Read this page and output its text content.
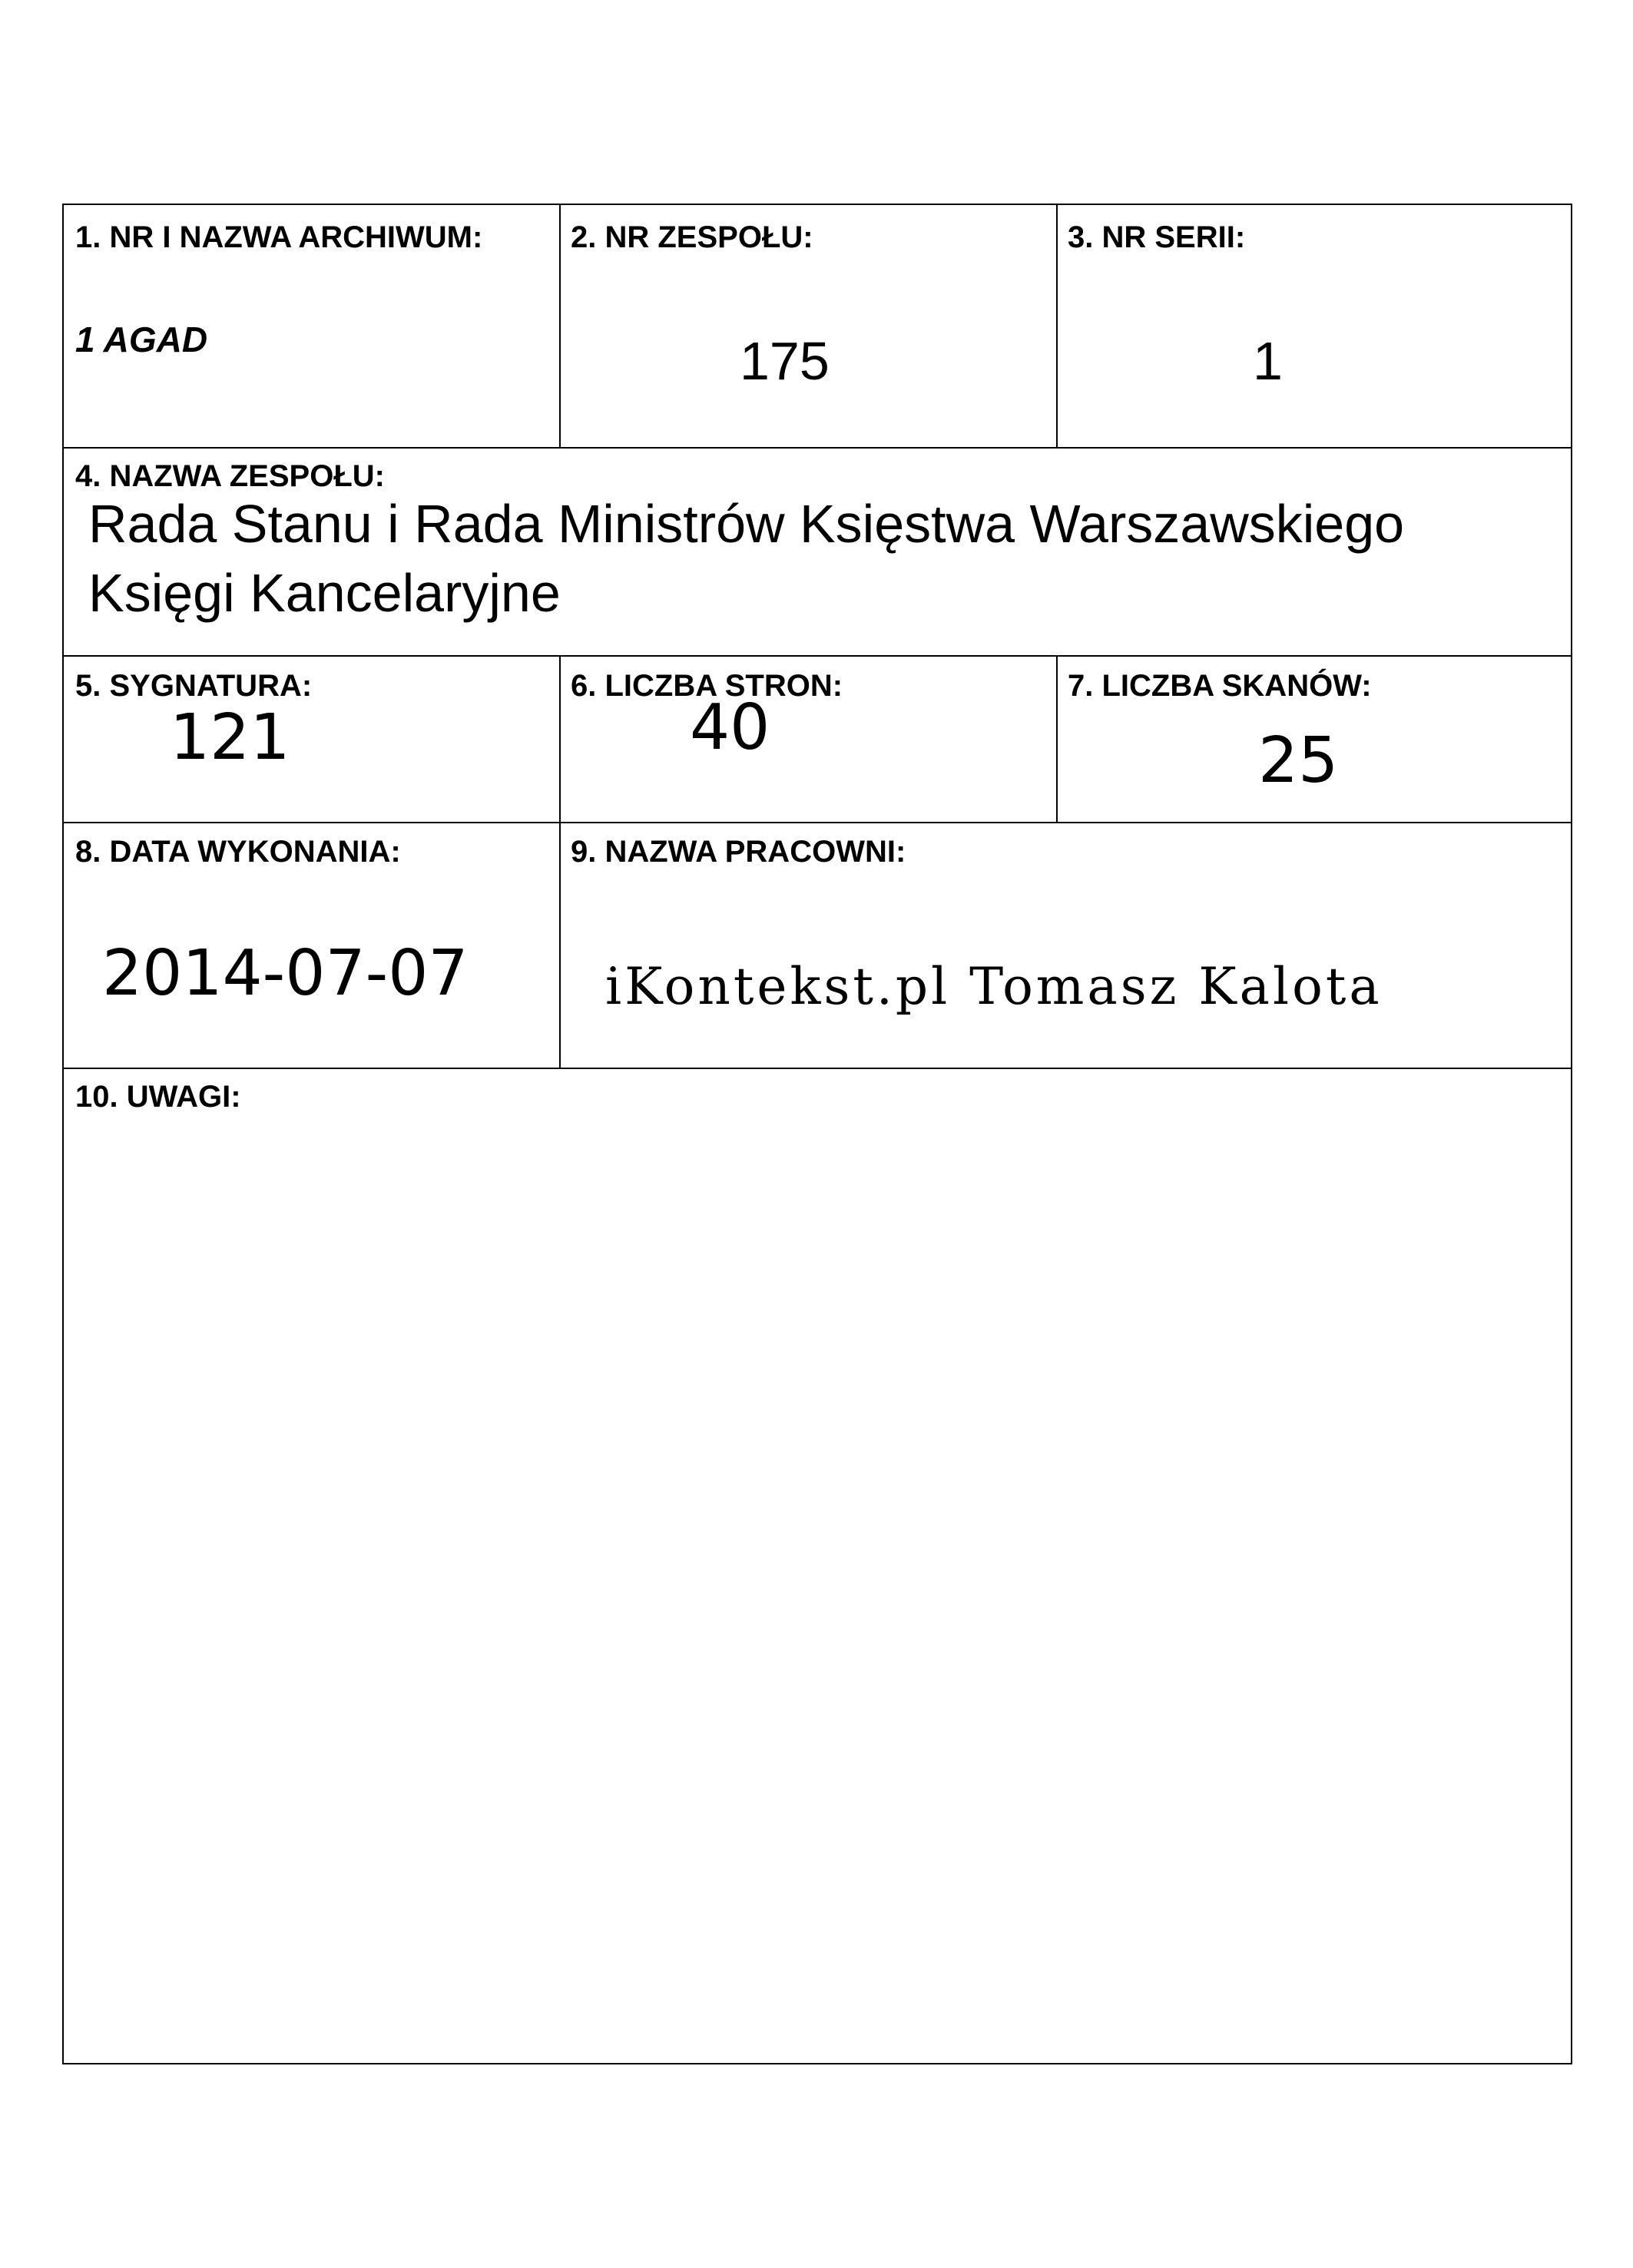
1. NR I NAZWA ARCHIWUM:
1 AGAD
2. NR ZESPOŁU:
175
3. NR SERII:
1
4. NAZWA ZESPOŁU:
Rada Stanu i Rada Ministrów Księstwa Warszawskiego
Księgi Kancelaryjne
5. SYGNATURA:
121
6. LICZBA STRON:
40
7. LICZBA SKANÓW:
25
8. DATA WYKONANIA:
2014-07-07
9. NAZWA PRACOWNI:
iKontekst.pl Tomasz Kalota
10. UWAGI:
